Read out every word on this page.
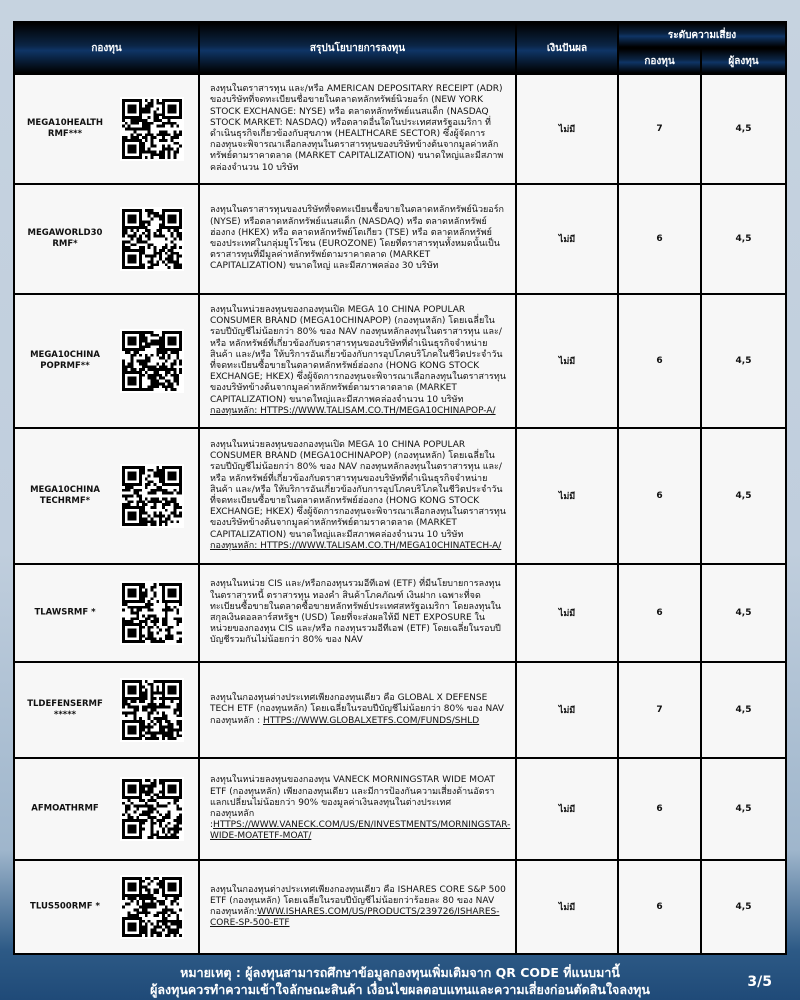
กองทุน	สรุปนโยบายการลงทุน	เงินปันผล	ระดับความเสี่ยง	
			กองทุน	ผู้ลงทุน

MEGA10HEALTH RMF***	ลงทุนในตราสารทุน และ/หรือ AMERICAN DEPOSITARY RECEIPT (ADR) ของบริษัทที่จดทะเบียนชื่อขายในตลาดหลักทรัพย์นิวยอร์ก (NEW YORK STOCK EXCHANGE: NYSE) หรือ ตลาดหลักทรัพย์แนสแด็ก (NASDAQ STOCK MARKET: NASDAQ) หรือตลาดอื่นใดในประเทศสหรัฐอเมริกา ที่ดำเนินธุรกิจเกี่ยวข้องกับสุขภาพ (HEALTHCARE SECTOR) ซึ่งผู้จัดการกองทุนจะพิจารณาเลือกลงทุนในตราสารทุนของบริษัทข้างต้นจากมูลค่าหลักทรัพย์ตามราคาตลาด (MARKET CAPITALIZATION) ขนาดใหญ่และมีสภาพคล่องจำนวน 10 บริษัท	ไม่มี	7	4,5

MEGAWORLD30 RMF*	ลงทุนในตราสารทุนของบริษัทที่จดทะเบียนชื้อขายในตลาดหลักทรัพย์นิวยอร์ก (NYSE) หรือตลาดหลักทรัพย์แนสแด็ก (NASDAQ) หรือ ตลาดหลักทรัพย์ฮ่องกง (HKEX) หรือ ตลาดหลักทรัพย์โตเกียว (TSE) หรือ ตลาดหลักทรัพย์ของประเทศในกลุ่มยูโรโซน (EUROZONE) โดยที่ตราสารทุนทั้งหมดนั้นเป็นตราสารทุนที่มีมูลค่าหลักทรัพย์ตามราคาตลาด (MARKET CAPITALIZATION) ขนาดใหญ่ และมีสภาพคล่อง 30 บริษัท	ไม่มี	6	4,5

MEGA10CHINA POPRMF**	ลงทุนในหน่วยลงทุนของกองทุนเปิด MEGA 10 CHINA POPULAR CONSUMER BRAND (MEGA10CHINAPOP) (กองทุนหลัก) โดยเฉลี่ยในรอบปีบัญชีไม่น้อยกว่า 80% ของ NAV กองทุนหลักลงทุนในตราสารทุน และ/หรือ หลักทรัพย์ที่เกี่ยวข้องกับตราสารทุนของบริษัทที่ดำเนินธุรกิจจำหน่ายสินค้า และ/หรือ ให้บริการอันเกี่ยวข้องกับการอุปโภคบริโภคในชีวิตประจำวัน ที่จดทะเบียนซื้อขายในตลาดหลักทรัพย์ฮ่องกง (HONG KONG STOCK EXCHANGE; HKEX) ซึ่งผู้จัดการกองทุนจะพิจารณาเลือกลงทุนในตราสารทุนของบริษัทข้างต้นจากมูลค่าหลักทรัพย์ตามราคาตลาด (MARKET CAPITALIZATION) ขนาดใหญ่และมีสภาพคล่องจำนวน 10 บริษัท
กองทุนหลัก: HTTPS://WWW.TALISAM.CO.TH/MEGA10CHINAPOP-A/	ไม่มี	6	4,5

MEGA10CHINA TECHRMF*	ลงทุนในหน่วยลงทุนของกองทุนเปิด MEGA 10 CHINA POPULAR CONSUMER BRAND (MEGA10CHINAPOP) (กองทุนหลัก) โดยเฉลี่ยในรอบปีบัญชีไม่น้อยกว่า 80% ของ NAV กองทุนหลักลงทุนในตราสารทุน และ/หรือ หลักทรัพย์ที่เกี่ยวข้องกับตราสารทุนของบริษัทที่ดำเนินธุรกิจจำหน่ายสินค้า และ/หรือ ให้บริการอันเกี่ยวข้องกับการอุปโภคบริโภคในชีวิตประจำวัน ที่จดทะเบียนซื้อขายในตลาดหลักทรัพย์ฮ่องกง (HONG KONG STOCK EXCHANGE; HKEX) ซึ่งผู้จัดการกองทุนจะพิจารณาเลือกลงทุนในตราสารทุนของบริษัทข้างต้นจากมูลค่าหลักทรัพย์ตามราคาตลาด (MARKET CAPITALIZATION) ขนาดใหญ่และมีสภาพคล่องจำนวน 10 บริษัท
กองทุนหลัก: HTTPS://WWW.TALISAM.CO.TH/MEGA10CHINATECH-A/	ไม่มี	6	4,5

TLAWSRMF *	ลงทุนในหน่วย CIS และ/หรือกองทุนรวมอีทีเอฟ (ETF) ที่มีนโยบายการลงทุนในตราสารหนี้ ตราสารทุน ทองคำ สินค้าโภคภัณฑ์ เงินฝาก เฉพาะที่จดทะเบียนซื้อขายในตลาดซื้อขายหลักทรัพย์ประเทศสหรัฐอเมริกา โดยลงทุนในสกุลเงินดอลลาร์สหรัฐฯ (USD) โดยที่จะส่งผลให้มี NET EXPOSURE ในหน่วยของกองทุน CIS และ/หรือ กองทุนรวมอีทีเอฟ (ETF) โดยเฉลี่ยในรอบปีบัญชีรวมกันไม่น้อยกว่า 80% ของ NAV	ไม่มี	6	4,5

TLDEFENSERMF *****	ลงทุนในกองทุนต่างประเทศเพียงกองทุนเดียว คือ GLOBAL X DEFENSE TECH ETF (กองทุนหลัก) โดยเฉลี่ยในรอบปีบัญชีไม่น้อยกว่า 80% ของ NAV
กองทุนหลัก : HTTPS://WWW.GLOBALXETFS.COM/FUNDS/SHLD	ไม่มี	7	4,5

AFMOATHRMF	ลงทุนในหน่วยลงทุนของกองทุน VANECK MORNINGSTAR WIDE MOAT ETF (กองทุนหลัก) เพียงกองทุนเดียว และมีการป้องกันความเสี่ยงด้านอัตราแลกเปลี่ยนไม่น้อยกว่า 90% ของมูลค่าเงินลงทุนในต่างประเทศ
กองทุนหลัก :HTTPS://WWW.VANECK.COM/US/EN/INVESTMENTS/MORNINGSTAR-WIDE-MOATETF-MOAT/	ไม่มี	6	4,5

TLUS500RMF *	ลงทุนในกองทุนต่างประเทศเพียงกองทุนเดียว คือ ISHARES CORE S&P 500 ETF (กองทุนหลัก) โดยเฉลี่ยในรอบปีบัญชีไม่น้อยกว่าร้อยละ 80 ของ NAV
กองทุนหลัก:WWW.ISHARES.COM/US/PRODUCTS/239726/ISHARES-CORE-SP-500-ETF	ไม่มี	6	4,5
หมายเหตุ : ผู้ลงทุนสามารถศึกษาข้อมูลกองทุนเพิ่มเติมจาก QR CODE ที่แนบมานี้
ผู้ลงทุนควรทำความเข้าใจลักษณะสินค้า เงื่อนไขผลตอบแทนและความเสี่ยงก่อนตัดสินใจลงทุน	3/5
